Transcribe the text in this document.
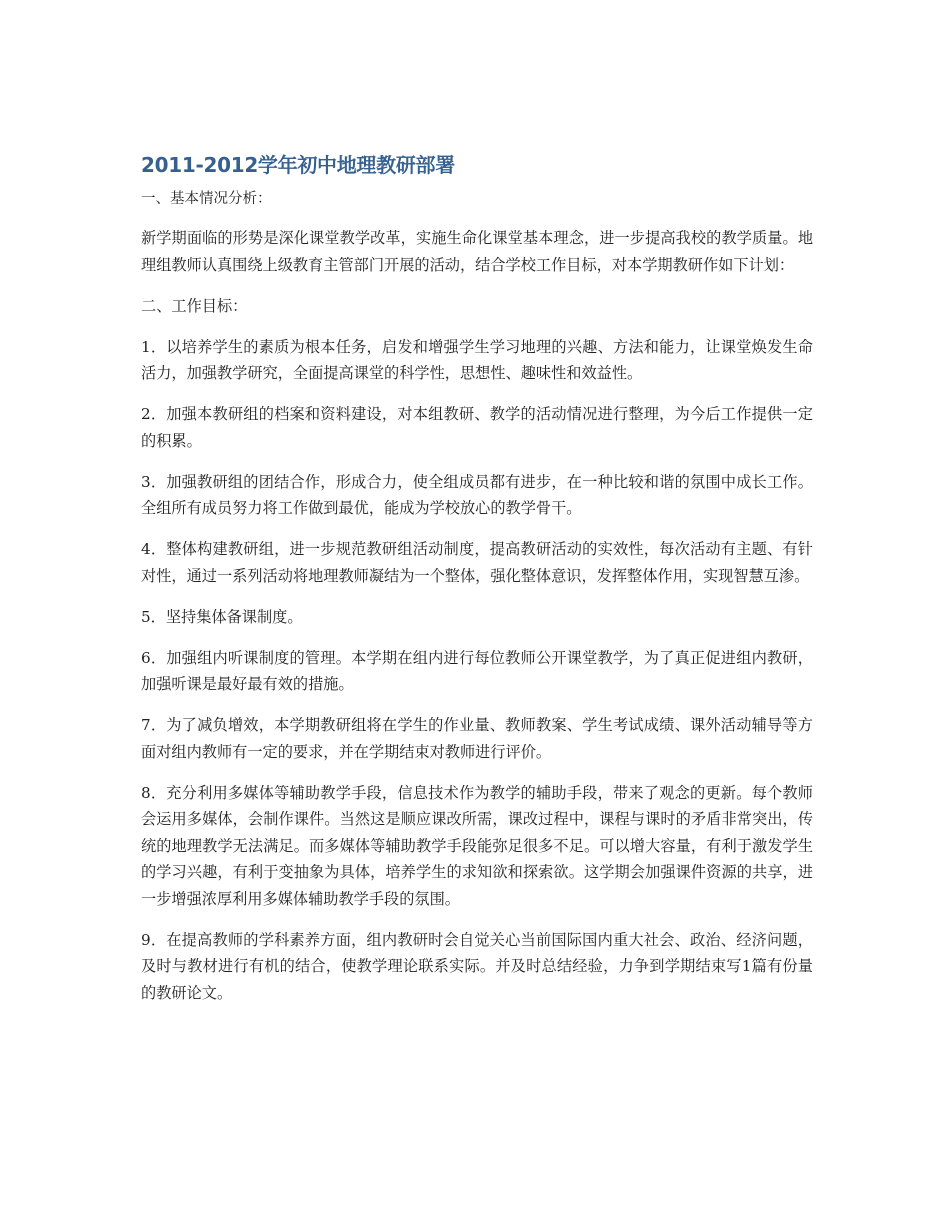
2011-2012学年初中地理教研部署

一、基本情况分析：

新学期面临的形势是深化课堂教学改革，实施生命化课堂基本理念，进一步提高我校的教学质量。地理组教师认真围绕上级教育主管部门开展的活动，结合学校工作目标，对本学期教研作如下计划：

二、工作目标：

1．以培养学生的素质为根本任务，启发和增强学生学习地理的兴趣、方法和能力，让课堂焕发生命活力，加强教学研究，全面提高课堂的科学性，思想性、趣味性和效益性。

2．加强本教研组的档案和资料建设，对本组教研、教学的活动情况进行整理，为今后工作提供一定的积累。

3．加强教研组的团结合作，形成合力，使全组成员都有进步，在一种比较和谐的氛围中成长工作。全组所有成员努力将工作做到最优，能成为学校放心的教学骨干。

4．整体构建教研组，进一步规范教研组活动制度，提高教研活动的实效性，每次活动有主题、有针对性，通过一系列活动将地理教师凝结为一个整体，强化整体意识，发挥整体作用，实现智慧互渗。

5．坚持集体备课制度。

6．加强组内听课制度的管理。本学期在组内进行每位教师公开课堂教学，为了真正促进组内教研，加强听课是最好最有效的措施。

7．为了减负增效，本学期教研组将在学生的作业量、教师教案、学生考试成绩、课外活动辅导等方面对组内教师有一定的要求，并在学期结束对教师进行评价。

8．充分利用多媒体等辅助教学手段，信息技术作为教学的辅助手段，带来了观念的更新。每个教师会运用多媒体，会制作课件。当然这是顺应课改所需，课改过程中，课程与课时的矛盾非常突出，传统的地理教学无法满足。而多媒体等辅助教学手段能弥足很多不足。可以增大容量，有利于激发学生的学习兴趣，有利于变抽象为具体，培养学生的求知欲和探索欲。这学期会加强课件资源的共享，进一步增强浓厚利用多媒体辅助教学手段的氛围。

9．在提高教师的学科素养方面，组内教研时会自觉关心当前国际国内重大社会、政治、经济问题，及时与教材进行有机的结合，使教学理论联系实际。并及时总结经验，力争到学期结束写1篇有份量的教研论文。
